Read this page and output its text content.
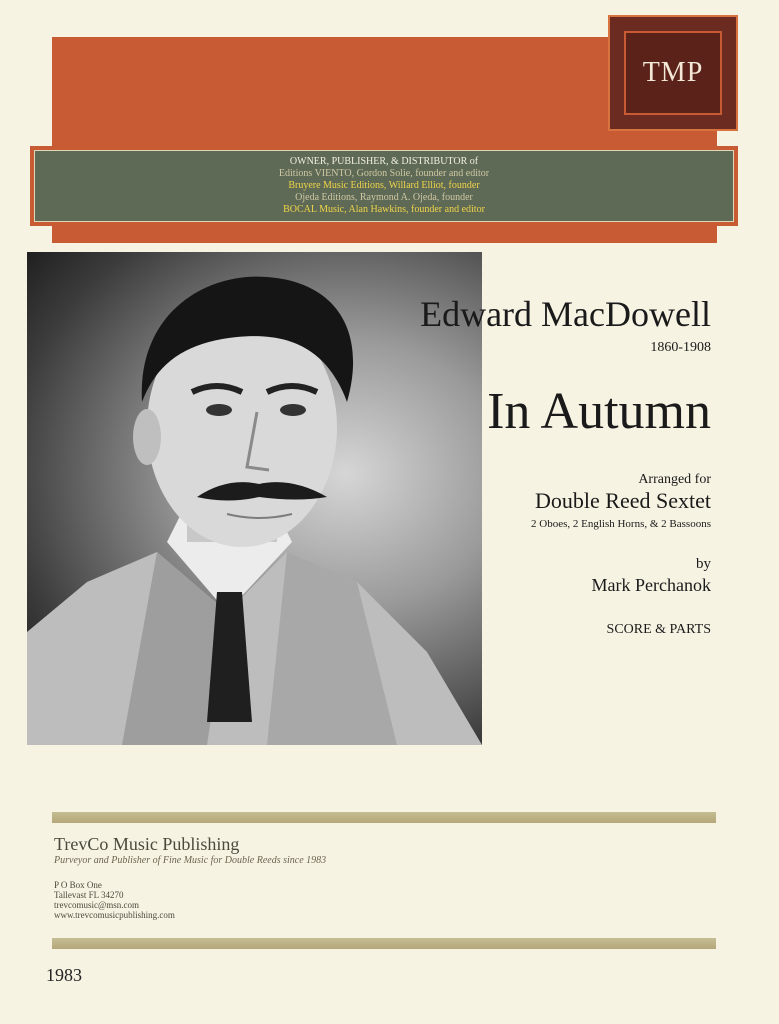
TMP
OWNER, PUBLISHER, & DISTRIBUTOR of
Editions VIENTO, Gordon Solie, founder and editor
Bruyere Music Editions, Willard Elliot, founder
Ojeda Editions, Raymond A. Ojeda, founder
BOCAL Music, Alan Hawkins, founder and editor
Edward MacDowell
1860-1908
In Autumn
Arranged for
Double Reed Sextet
2 Oboes, 2 English Horns, & 2 Bassoons
by
Mark Perchanok
SCORE & PARTS
TrevCo Music Publishing
Purveyor and Publisher of Fine Music for Double Reeds since 1983
P O Box One
Tallevast FL 34270
trevcomusic@msn.com
www.trevcomusicpublishing.com
1983
